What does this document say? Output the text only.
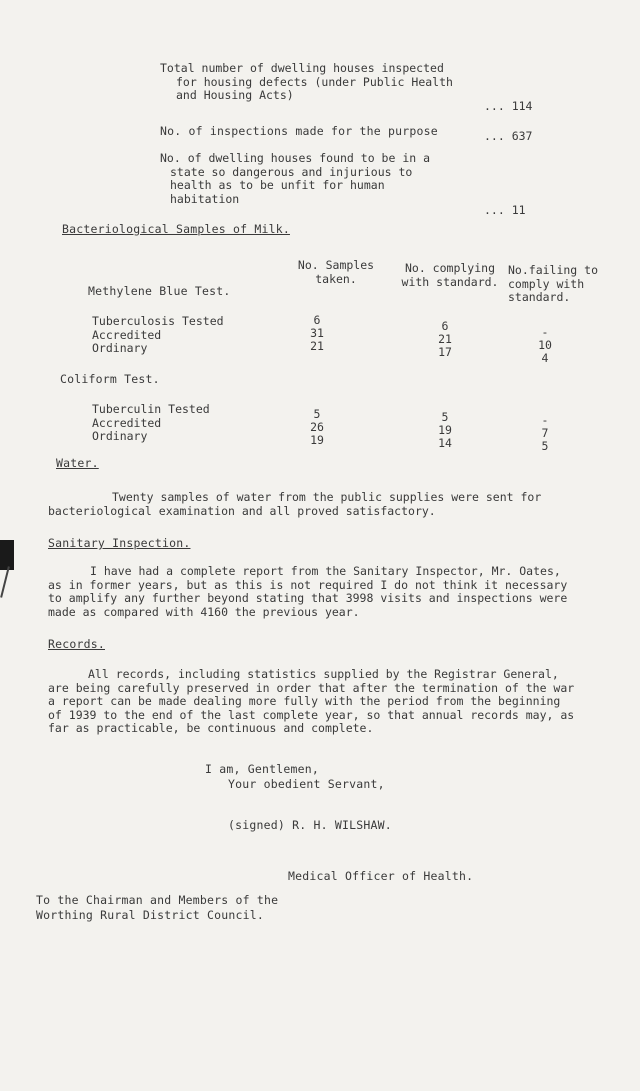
Total number of dwelling houses inspected
for housing defects (under Public Health
and Housing Acts)
... 114
No. of inspections made for the purpose	... 637
No. of dwelling houses found to be in a
state so dangerous and injurious to
health as to be unfit for human
habitation
... 11
Bacteriological Samples of Milk.
No. Samples
taken.
No. complying
with standard.
No.failing to
comply with
standard.
Methylene Blue Test.
Tuberculosis Tested
Accredited
Ordinary
6
31
21
6
21
17
-
10
4
Coliform Test.
Tuberculin Tested
Accredited
Ordinary
5
26
19
5
19
14
-
7
5
Water.
Twenty samples of water from the public supplies were sent for
bacteriological examination and all proved satisfactory.
Sanitary Inspection.
I have had a complete report from the Sanitary Inspector, Mr. Oates,
as in former years, but as this is not required I do not think it necessary
to amplify any further beyond stating that 3998 visits and inspections were
made as compared with 4160 the previous year.
Records.
All records, including statistics supplied by the Registrar General,
are being carefully preserved in order that after the termination of the war
a report can be made dealing more fully with the period from the beginning
of 1939 to the end of the last complete year, so that annual records may, as
far as practicable, be continuous and complete.
I am, Gentlemen,
Your obedient Servant,
(signed) R. H. WILSHAW.
Medical Officer of Health.
To the Chairman and Members of the
Worthing Rural District Council.
